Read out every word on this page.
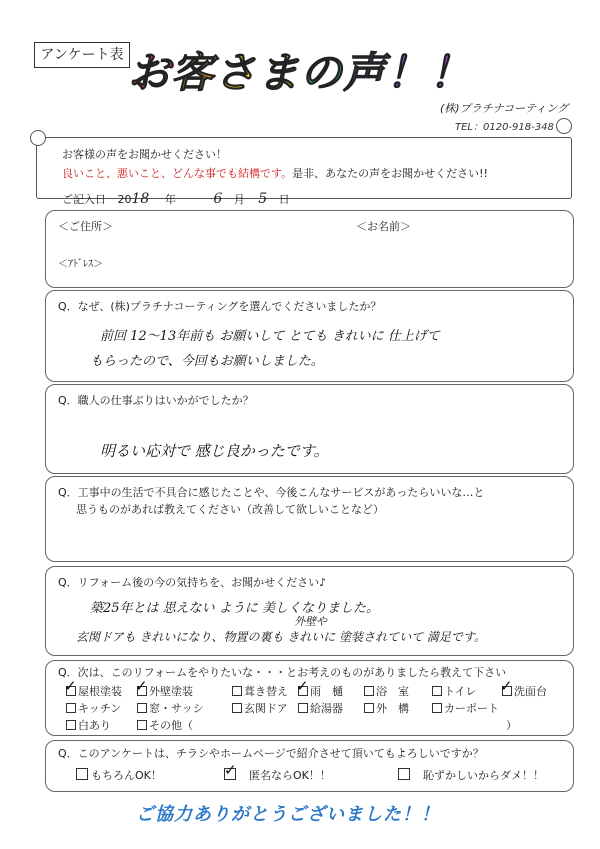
アンケート表 お客さまの声！！
(株)プラチナコーティング
TEL：0120-918-348
お客様の声をお聞かせください！
良いこと、悪いこと、どんな事でも結構です。是非、あなたの声をお聞かせください!!
ご記入日 2018 年	6 月 5 日
＜ご住所＞	＜お名前＞
＜ｱﾄﾞﾚｽ＞
Q．なぜ、(株)プラチナコーティングを選んでくださいましたか？
前回 12～13年前も お願いして とても きれいに 仕上げて
もらったので、今回もお願いしました。
Q．職人の仕事ぶりはいかがでしたか？
明るい応対で 感じ良かったです。
Q．工事中の生活で不具合に感じたことや、今後こんなサービスがあったらいいな…と
思うものがあれば教えてください（改善して欲しいことなど）
Q．リフォーム後の今の気持ちを、お聞かせください♪
築25年とは 思えない ように 美しくなりました。
外壁や
玄関ドアも きれいになり、物置の裏も きれいに 塗装されていて 満足です。
Q．次は、このリフォームをやりたいな・・・とお考えのものがありましたら教えて下さい
屋根塗装	外壁塗装	葺き替え	雨　樋	浴　室	トイレ	洗面台
キッチン	窓・サッシ	玄関ドア	給湯器	外　構	カーポート
白あり	その他（	）
✓	✓	✓	✓
Q．このアンケートは、チラシやホームページで紹介させて頂いてもよろしいですか？
もちろんOK！	匿名ならOK！！	恥ずかしいからダメ！！
✓
ご協力ありがとうございました！！
